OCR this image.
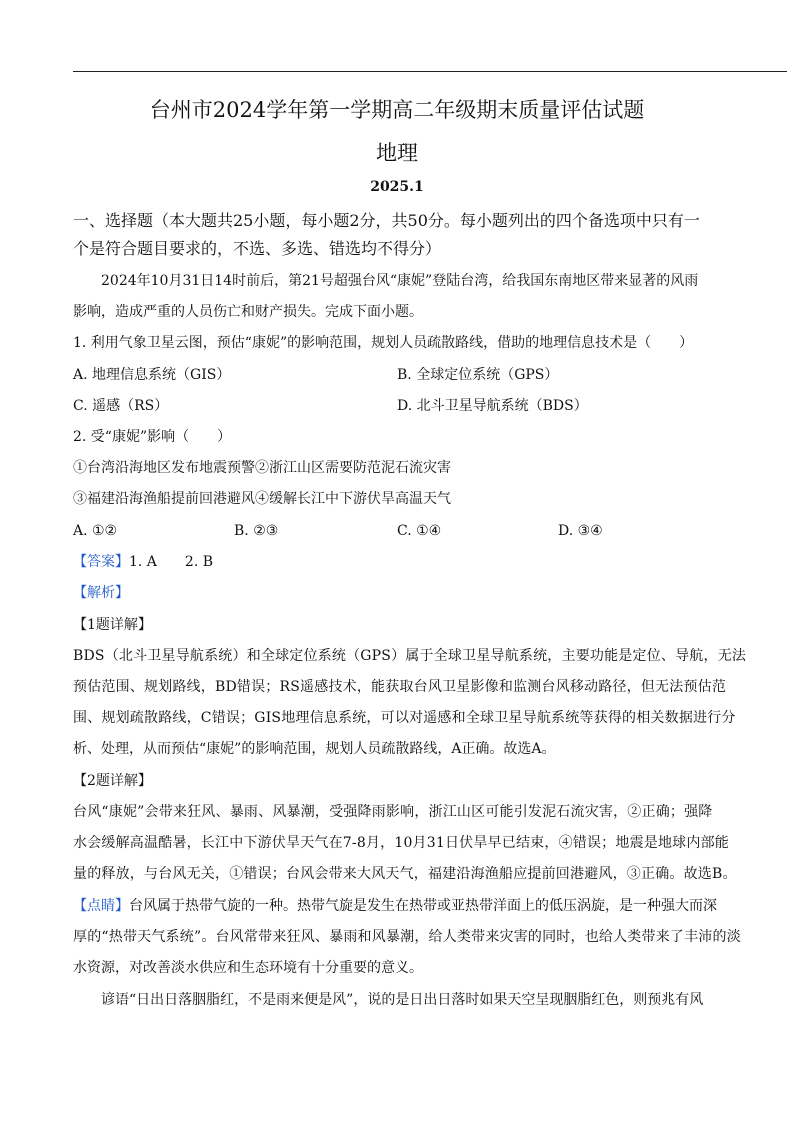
台州市2024学年第一学期高二年级期末质量评估试题
地理
2025.1
一、选择题（本大题共25小题，每小题2分，共50分。每小题列出的四个备选项中只有一
个是符合题目要求的，不选、多选、错选均不得分）
2024年10月31日14时前后，第21号超强台风“康妮”登陆台湾，给我国东南地区带来显著的风雨
影响，造成严重的人员伤亡和财产损失。完成下面小题。
1. 利用气象卫星云图，预估“康妮”的影响范围，规划人员疏散路线，借助的地理信息技术是（　　）
A. 地理信息系统（GIS）	B. 全球定位系统（GPS）
C. 遥感（RS）	D. 北斗卫星导航系统（BDS）
2. 受“康妮”影响（　　）
①台湾沿海地区发布地震预警②浙江山区需要防范泥石流灾害
③福建沿海渔船提前回港避风④缓解长江中下游伏旱高温天气
A. ①②	B. ②③	C. ①④	D. ③④
【答案】1. A　　2. B
【解析】
【1题详解】
BDS（北斗卫星导航系统）和全球定位系统（GPS）属于全球卫星导航系统，主要功能是定位、导航，无法
预估范围、规划路线，BD错误；RS遥感技术，能获取台风卫星影像和监测台风移动路径，但无法预估范
围、规划疏散路线，C错误；GIS地理信息系统，可以对遥感和全球卫星导航系统等获得的相关数据进行分
析、处理，从而预估“康妮”的影响范围，规划人员疏散路线，A正确。故选A。
【2题详解】
台风“康妮”会带来狂风、暴雨、风暴潮，受强降雨影响，浙江山区可能引发泥石流灾害，②正确；强降
水会缓解高温酷暑，长江中下游伏旱天气在7-8月，10月31日伏旱早已结束，④错误；地震是地球内部能
量的释放，与台风无关，①错误；台风会带来大风天气，福建沿海渔船应提前回港避风，③正确。故选B。
【点睛】台风属于热带气旋的一种。热带气旋是发生在热带或亚热带洋面上的低压涡旋，是一种强大而深
厚的“热带天气系统”。台风常带来狂风、暴雨和风暴潮，给人类带来灾害的同时，也给人类带来了丰沛的淡
水资源，对改善淡水供应和生态环境有十分重要的意义。
谚语“日出日落胭脂红，不是雨来便是风”，说的是日出日落时如果天空呈现胭脂红色，则预兆有风
